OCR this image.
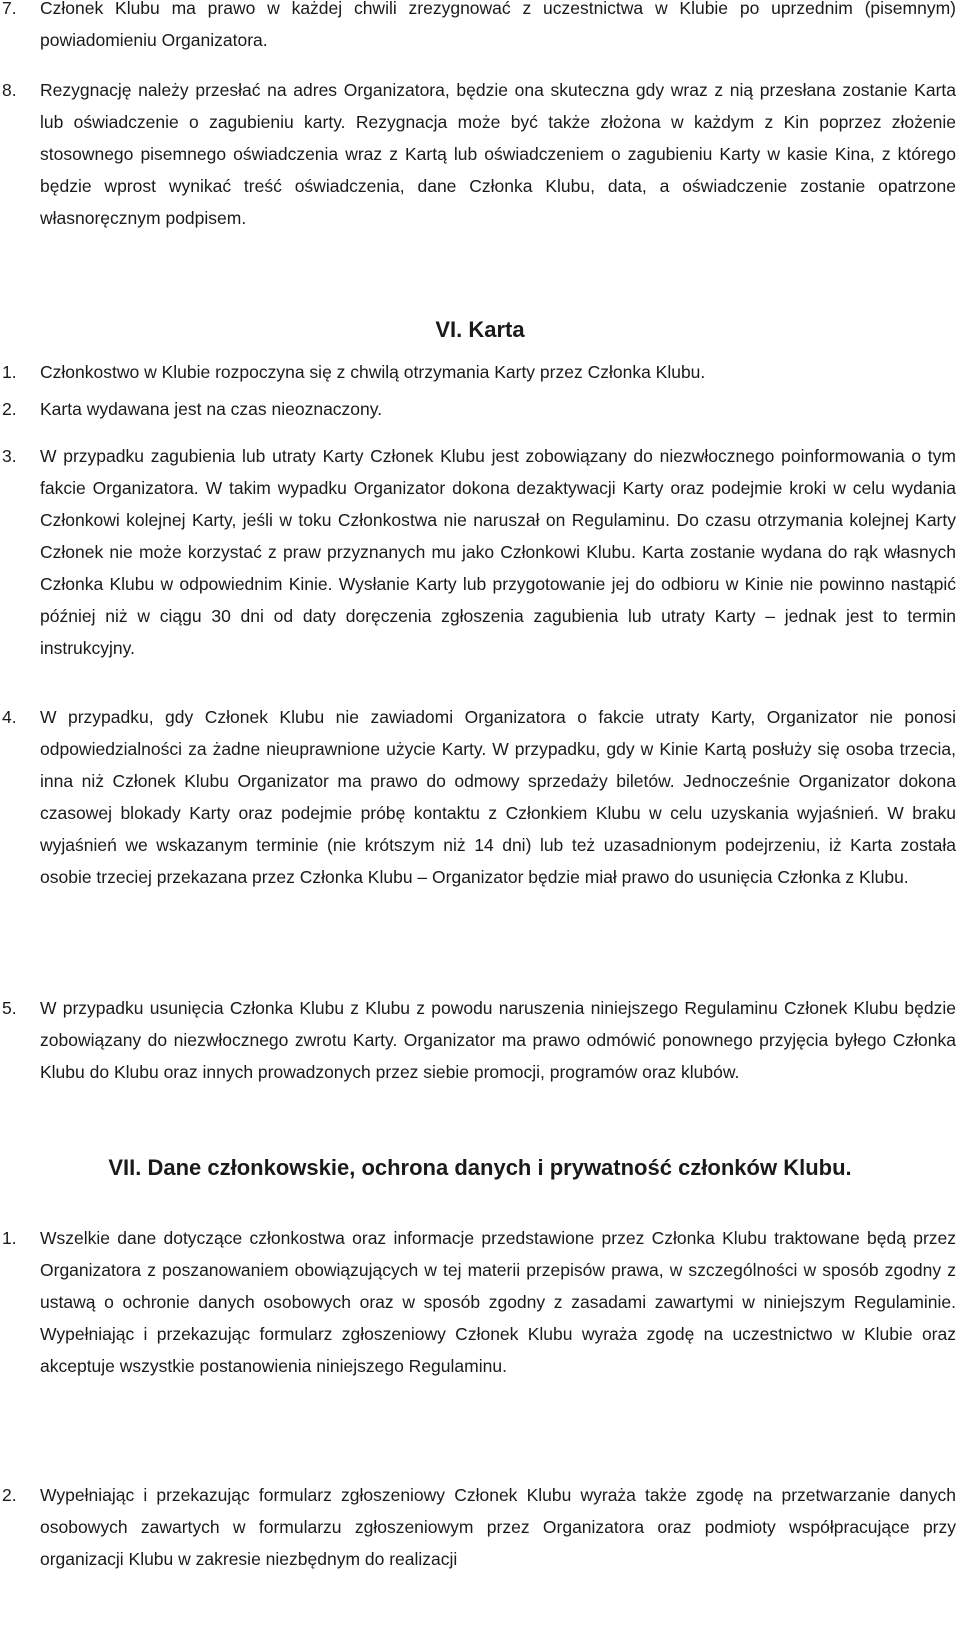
7.	Członek Klubu ma prawo w każdej chwili zrezygnować z uczestnictwa w Klubie po uprzednim (pisemnym) powiadomieniu Organizatora.
8.	Rezygnację należy przesłać na adres Organizatora, będzie ona skuteczna gdy wraz z nią przesłana zostanie Karta lub oświadczenie o zagubieniu karty. Rezygnacja może być także złożona w każdym z Kin poprzez złożenie stosownego pisemnego oświadczenia wraz z Kartą lub oświadczeniem o zagubieniu Karty w kasie Kina, z którego będzie wprost wynikać treść oświadczenia, dane Członka Klubu, data, a oświadczenie zostanie opatrzone własnoręcznym podpisem.
VI. Karta
1.	Członkostwo w Klubie rozpoczyna się z chwilą otrzymania Karty przez Członka Klubu.
2.	Karta wydawana jest na czas nieoznaczony.
3.	W przypadku zagubienia lub utraty Karty Członek Klubu jest zobowiązany do niezwłocznego poinformowania o tym fakcie Organizatora. W takim wypadku Organizator dokona dezaktywacji Karty oraz podejmie kroki w celu wydania Członkowi kolejnej Karty, jeśli w toku Członkostwa nie naruszał on Regulaminu. Do czasu otrzymania kolejnej Karty Członek nie może korzystać z praw przyznanych mu jako Członkowi Klubu. Karta zostanie wydana do rąk własnych Członka Klubu w odpowiednim Kinie. Wysłanie Karty lub przygotowanie jej do odbioru w Kinie nie powinno nastąpić później niż w ciągu 30 dni od daty doręczenia zgłoszenia zagubienia lub utraty Karty – jednak jest to termin instrukcyjny.
4.	W przypadku, gdy Członek Klubu nie zawiadomi Organizatora o fakcie utraty Karty, Organizator nie ponosi odpowiedzialności za żadne nieuprawnione użycie Karty. W przypadku, gdy w Kinie Kartą posłuży się osoba trzecia, inna niż Członek Klubu Organizator ma prawo do odmowy sprzedaży biletów. Jednocześnie Organizator dokona czasowej blokady Karty oraz podejmie próbę kontaktu z Członkiem Klubu w celu uzyskania wyjaśnień. W braku wyjaśnień we wskazanym terminie (nie krótszym niż 14 dni) lub też uzasadnionym podejrzeniu, iż Karta została osobie trzeciej przekazana przez Członka Klubu – Organizator będzie miał prawo do usunięcia Członka z Klubu.
5.	W przypadku usunięcia Członka Klubu z Klubu z powodu naruszenia niniejszego Regulaminu Członek Klubu będzie zobowiązany do niezwłocznego zwrotu Karty. Organizator ma prawo odmówić ponownego przyjęcia byłego Członka Klubu do Klubu oraz innych prowadzonych przez siebie promocji, programów oraz klubów.
VII. Dane członkowskie, ochrona danych i prywatność członków Klubu.
1.	Wszelkie dane dotyczące członkostwa oraz informacje przedstawione przez Członka Klubu traktowane będą przez Organizatora z poszanowaniem obowiązujących w tej materii przepisów prawa, w szczególności w sposób zgodny z ustawą o ochronie danych osobowych oraz w sposób zgodny z zasadami zawartymi w niniejszym Regulaminie. Wypełniając i przekazując formularz zgłoszeniowy Członek Klubu wyraża zgodę na uczestnictwo w Klubie oraz akceptuje wszystkie postanowienia niniejszego Regulaminu.
2.	Wypełniając i przekazując formularz zgłoszeniowy Członek Klubu wyraża także zgodę na przetwarzanie danych osobowych zawartych w formularzu zgłoszeniowym przez Organizatora oraz podmioty współpracujące przy organizacji Klubu w zakresie niezbędnym do realizacji
